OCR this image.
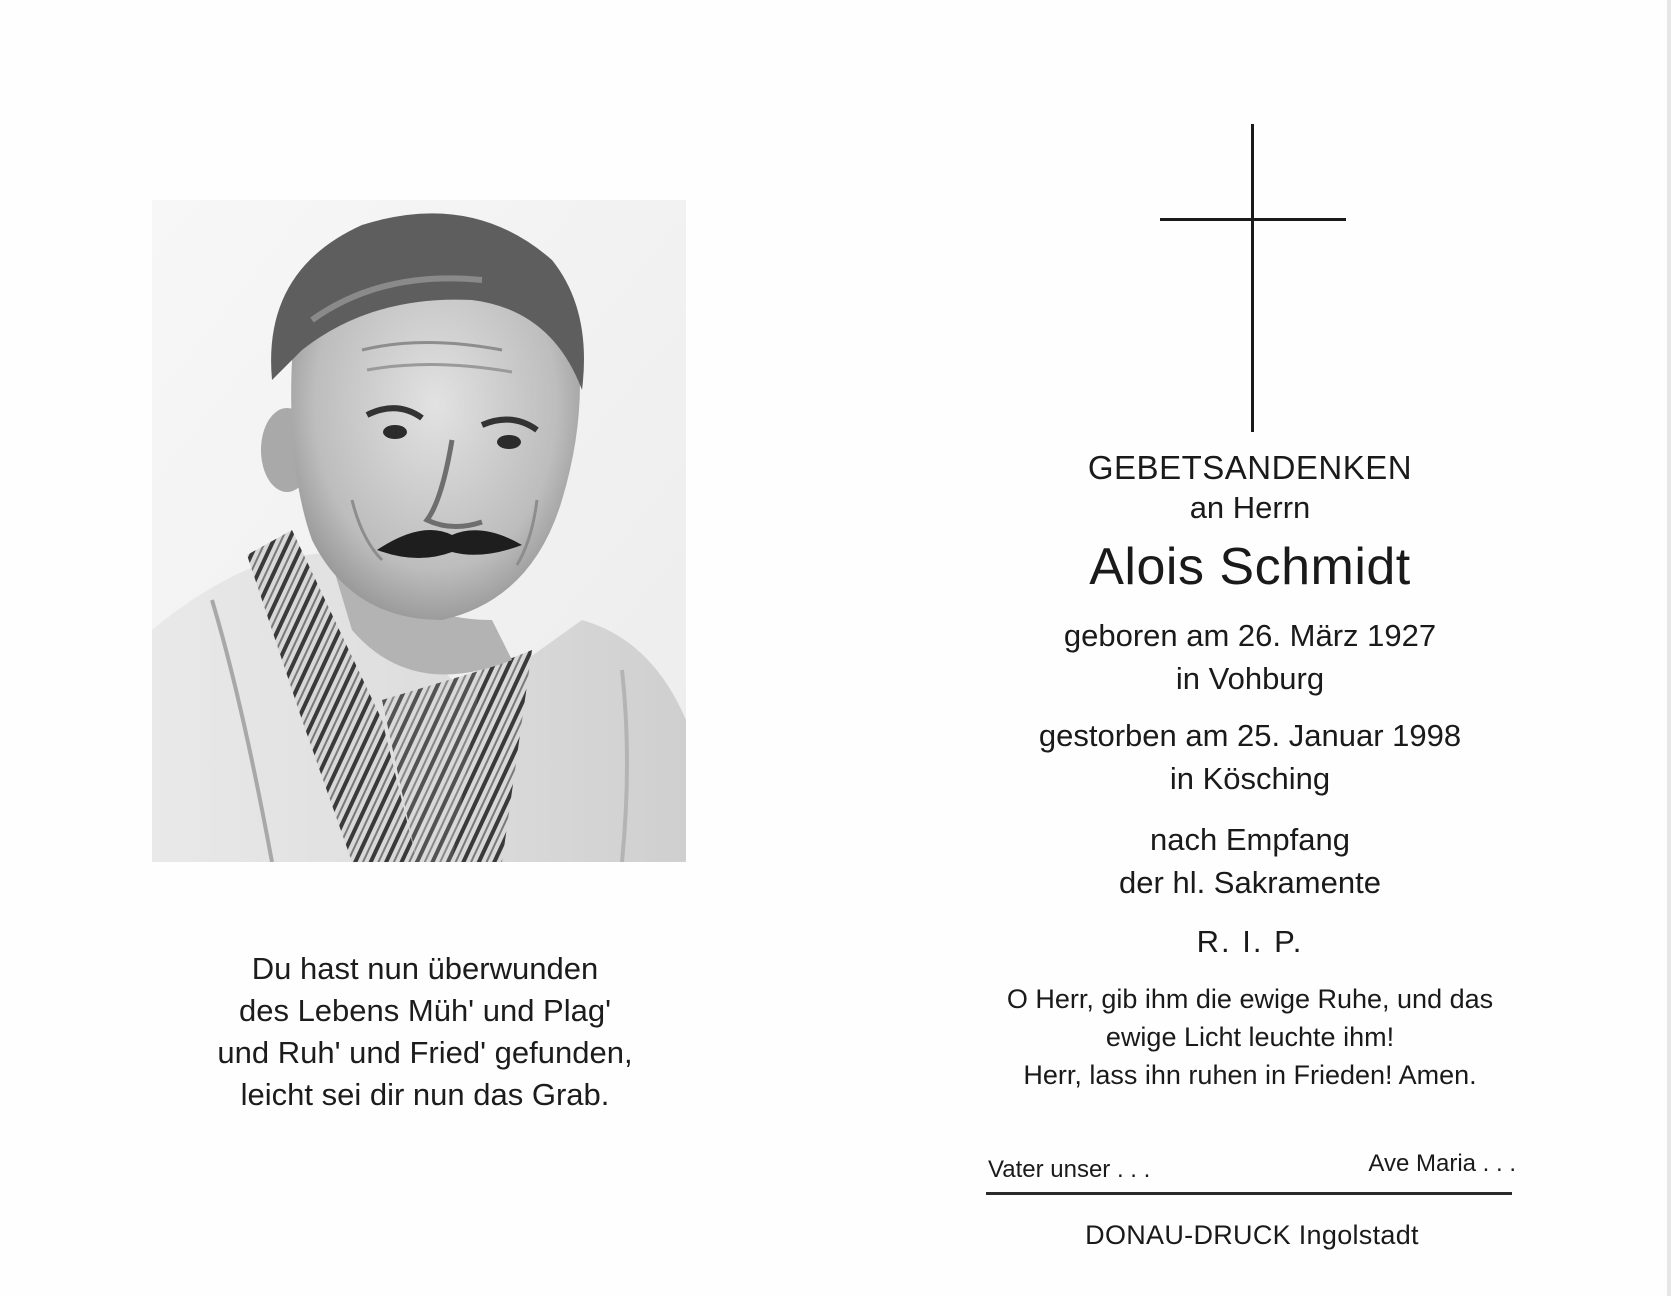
Du hast nun überwunden
des Lebens Müh' und Plag'
und Ruh' und Fried' gefunden,
leicht sei dir nun das Grab.
GEBETSANDENKEN
an Herrn
Alois Schmidt
geboren am 26. März 1927
in Vohburg
gestorben am 25. Januar 1998
in Kösching
nach Empfang
der hl. Sakramente
R. I. P.
O Herr, gib ihm die ewige Ruhe, und das
ewige Licht leuchte ihm!
Herr, lass ihn ruhen in Frieden! Amen.
Vater unser . . .	Ave Maria . . .
DONAU-DRUCK Ingolstadt
